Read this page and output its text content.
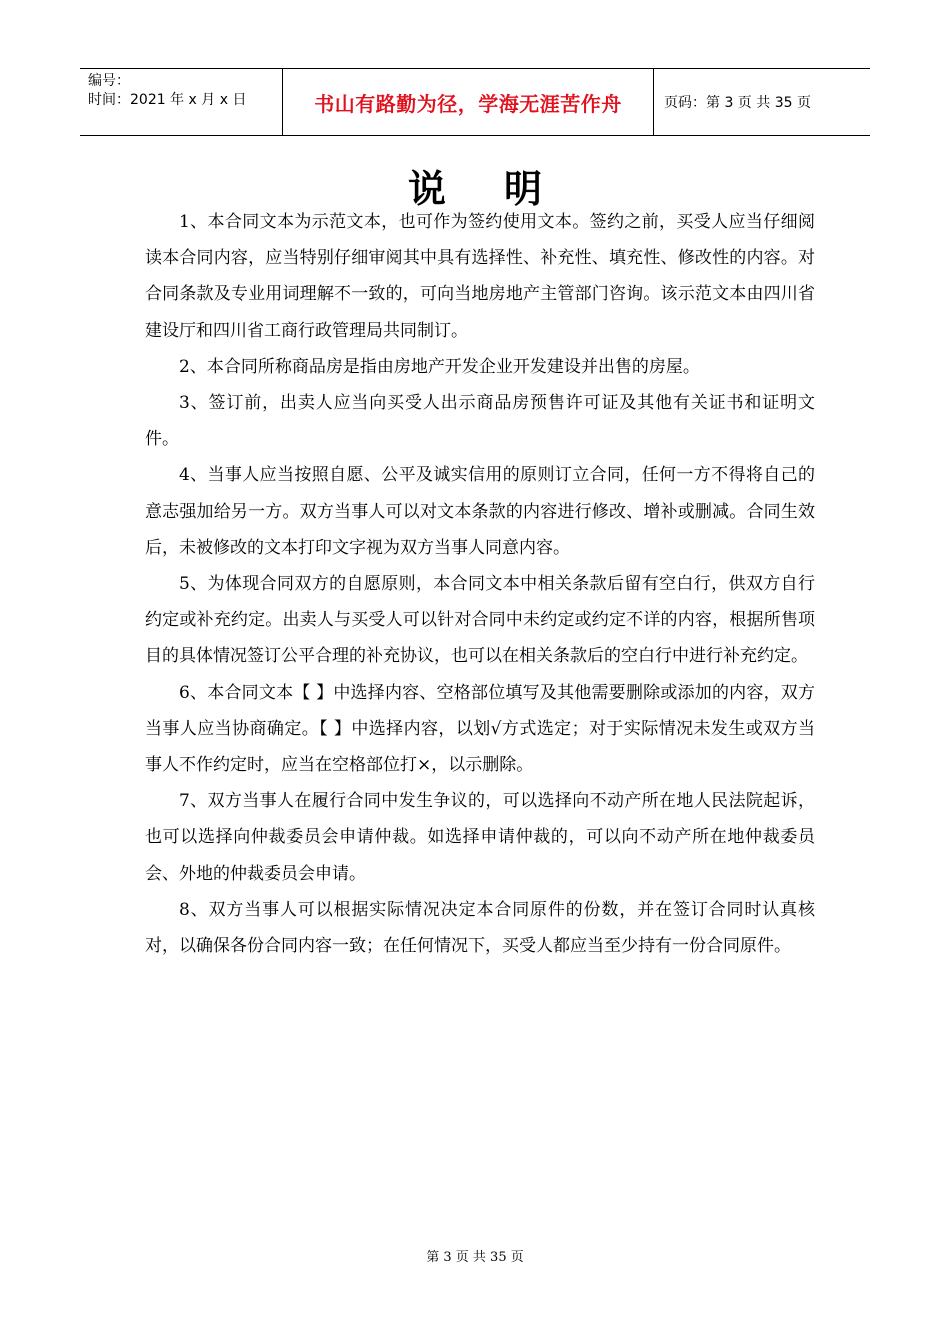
编号：
时间：2021 年 x 月 x 日	书山有路勤为径，学海无涯苦作舟	页码：第 3 页 共 35 页
说明

1、本合同文本为示范文本，也可作为签约使用文本。签约之前，买受人应当仔细阅读本合同内容，应当特别仔细审阅其中具有选择性、补充性、填充性、修改性的内容。对合同条款及专业用词理解不一致的，可向当地房地产主管部门咨询。该示范文本由四川省建设厅和四川省工商行政管理局共同制订。

2、本合同所称商品房是指由房地产开发企业开发建设并出售的房屋。

3、签订前，出卖人应当向买受人出示商品房预售许可证及其他有关证书和证明文件。

4、当事人应当按照自愿、公平及诚实信用的原则订立合同，任何一方不得将自己的意志强加给另一方。双方当事人可以对文本条款的内容进行修改、增补或删减。合同生效后，未被修改的文本打印文字视为双方当事人同意内容。

5、为体现合同双方的自愿原则，本合同文本中相关条款后留有空白行，供双方自行约定或补充约定。出卖人与买受人可以针对合同中未约定或约定不详的内容，根据所售项目的具体情况签订公平合理的补充协议，也可以在相关条款后的空白行中进行补充约定。

6、本合同文本【 】中选择内容、空格部位填写及其他需要删除或添加的内容，双方当事人应当协商确定。【 】中选择内容，以划√方式选定；对于实际情况未发生或双方当事人不作约定时，应当在空格部位打×，以示删除。

7、双方当事人在履行合同中发生争议的，可以选择向不动产所在地人民法院起诉，也可以选择向仲裁委员会申请仲裁。如选择申请仲裁的，可以向不动产所在地仲裁委员会、外地的仲裁委员会申请。

8、双方当事人可以根据实际情况决定本合同原件的份数，并在签订合同时认真核对，以确保各份合同内容一致；在任何情况下，买受人都应当至少持有一份合同原件。

第 3 页 共 35 页
